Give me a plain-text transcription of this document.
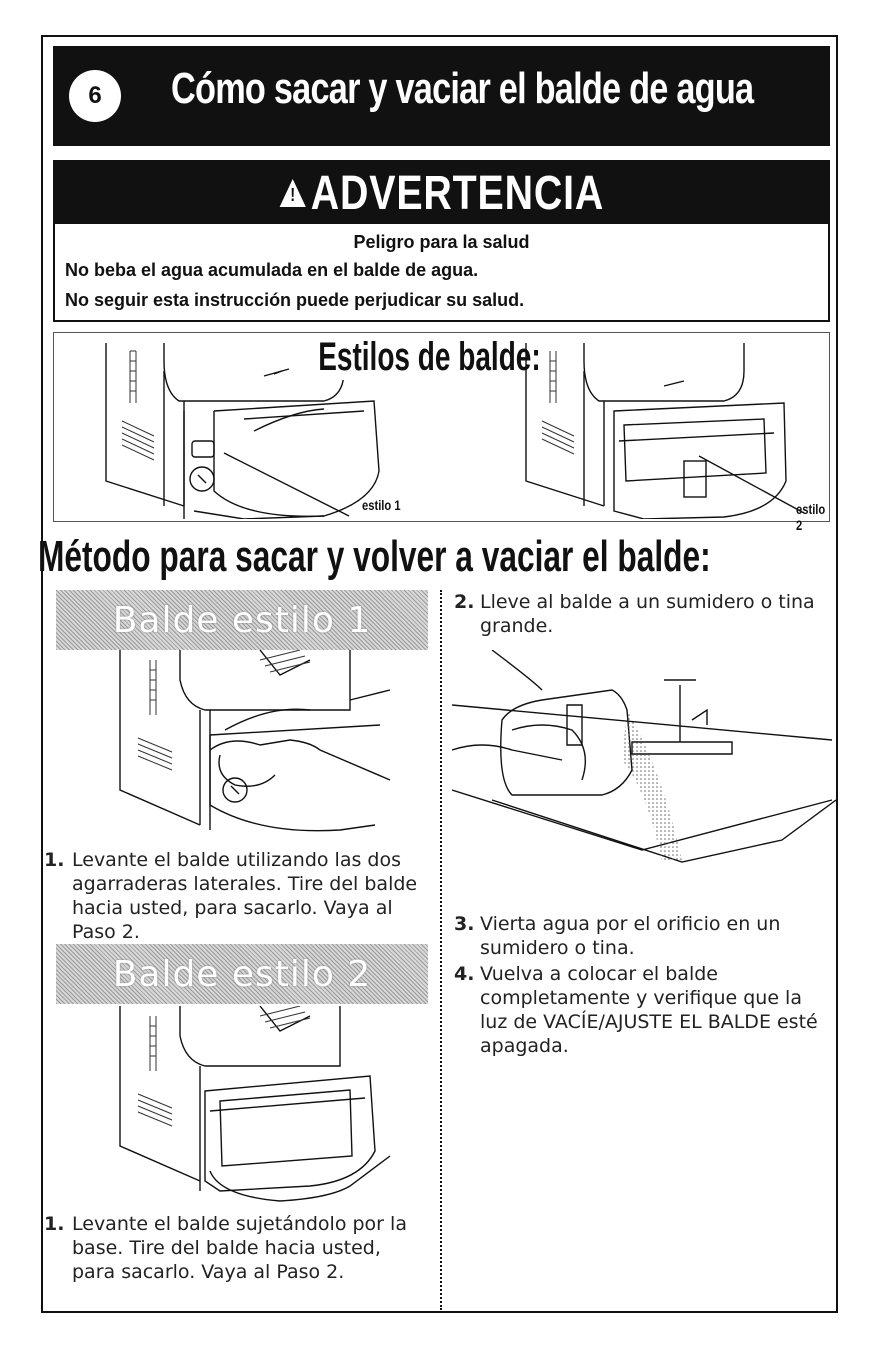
6	Cómo sacar y vaciar el balde de agua
! ADVERTENCIA
Peligro para la salud
No beba el agua acumulada en el balde de agua.
No seguir esta instrucción puede perjudicar su salud.
Estilos de balde:
estilo 1	estilo 2
Método para sacar y volver a vaciar el balde:
Balde estilo 1
1. Levante el balde utilizando las dos agarraderas laterales. Tire del balde hacia usted, para sacarlo. Vaya al Paso 2.
Balde estilo 2
1. Levante el balde sujetándolo por la base. Tire del balde hacia usted, para sacarlo. Vaya al Paso 2.
2. Lleve al balde a un sumidero o tina grande.
3. Vierta agua por el orificio en un sumidero o tina.
4. Vuelva a colocar el balde completamente y verifique que la luz de VACÍE/AJUSTE EL BALDE esté apagada.
